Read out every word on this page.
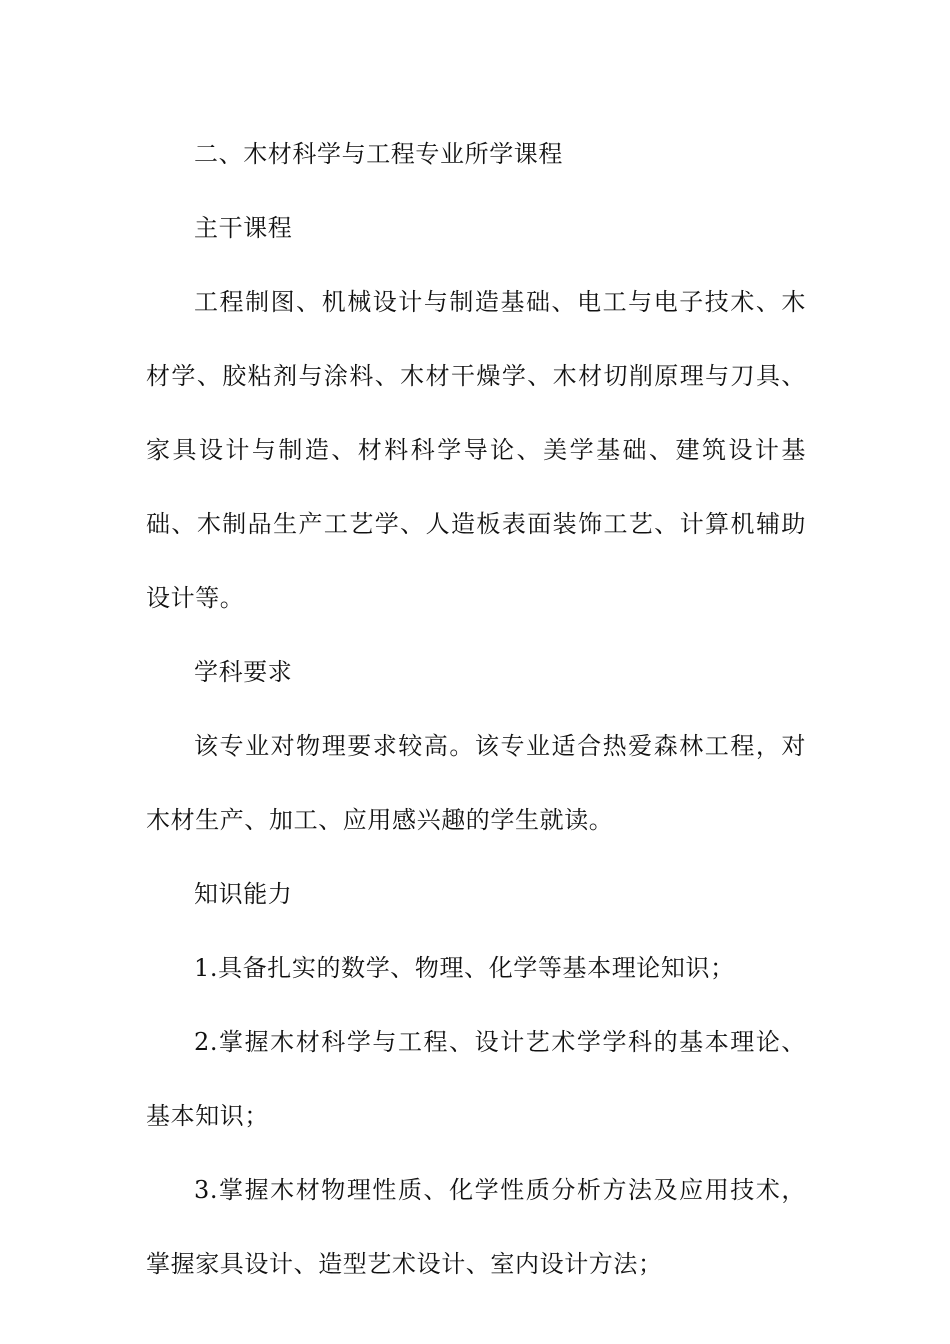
二、木材科学与工程专业所学课程

主干课程

工程制图、机械设计与制造基础、电工与电子技术、木材学、胶粘剂与涂料、木材干燥学、木材切削原理与刀具、家具设计与制造、材料科学导论、美学基础、建筑设计基础、木制品生产工艺学、人造板表面装饰工艺、计算机辅助设计等。

学科要求

该专业对物理要求较高。该专业适合热爱森林工程，对木材生产、加工、应用感兴趣的学生就读。

知识能力

1.具备扎实的数学、物理、化学等基本理论知识；

2.掌握木材科学与工程、设计艺术学学科的基本理论、基本知识；

3.掌握木材物理性质、化学性质分析方法及应用技术，掌握家具设计、造型艺术设计、室内设计方法；
